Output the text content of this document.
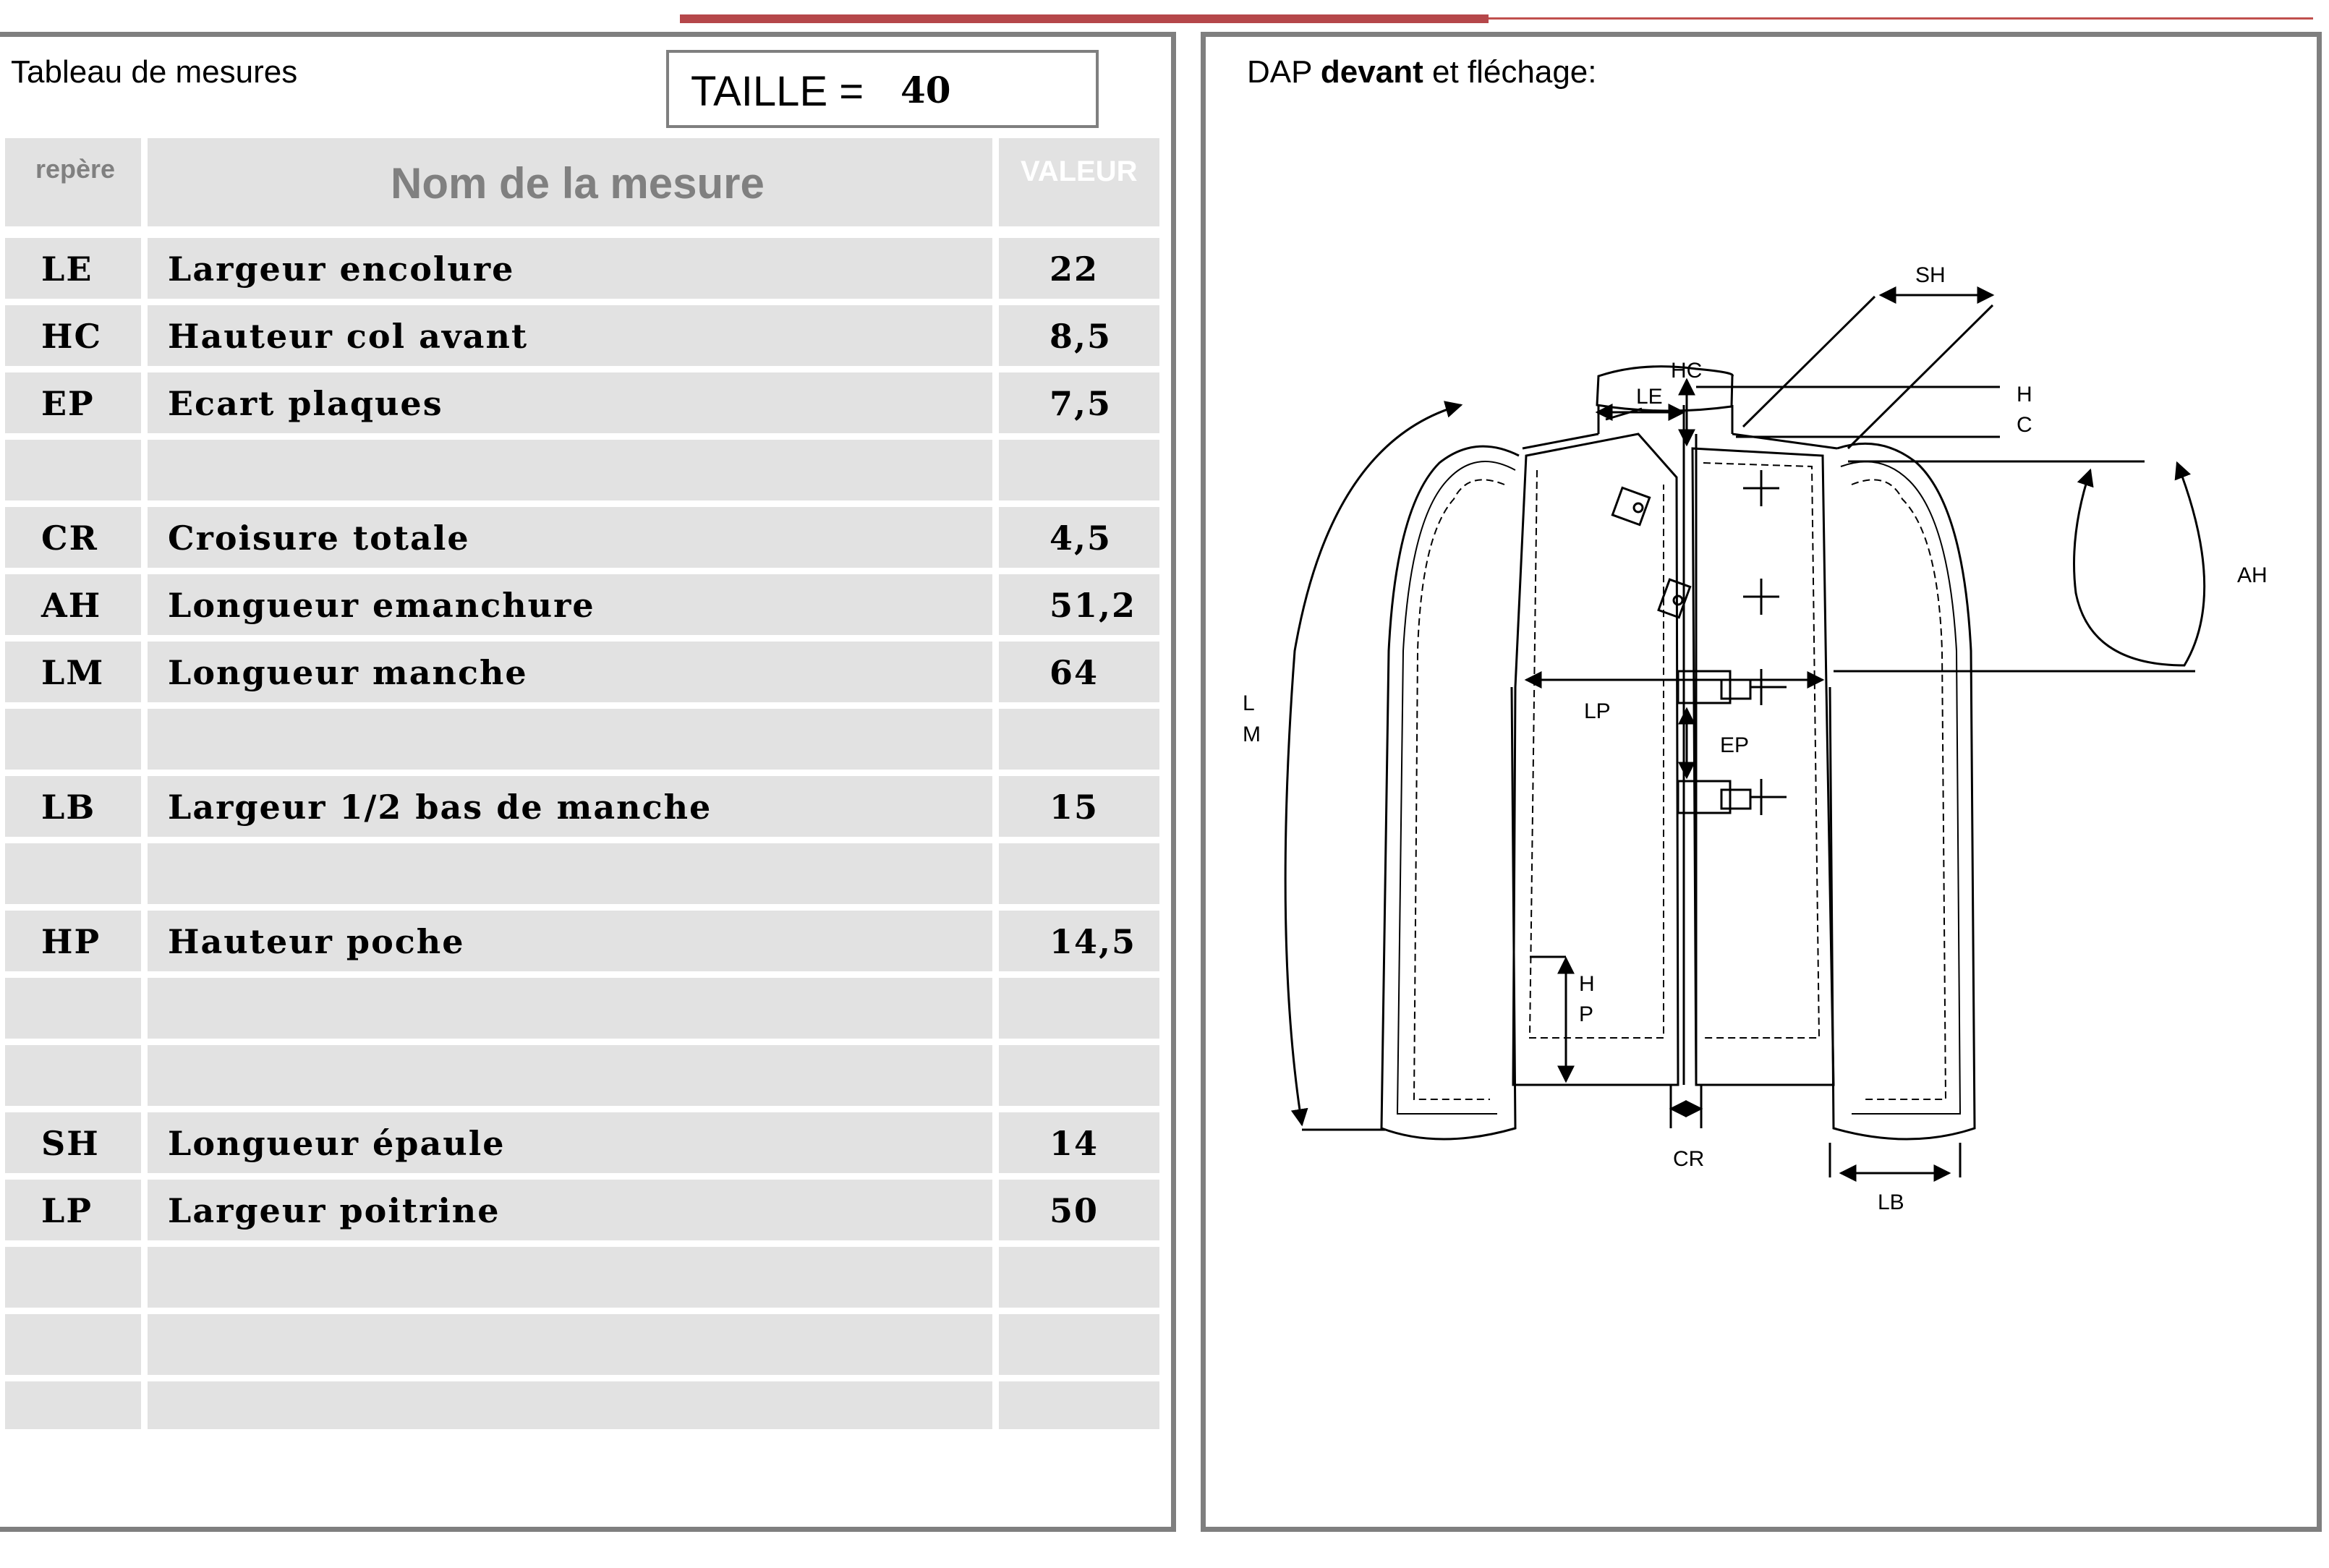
Tableau de mesures	TAILLE = 40
repère	Nom de la mesure	VALEUR
LE Largeur encolure	22
HC Hauteur col avant	8,5
EP Ecart plaques	7,5
CR Croisure totale	4,5
AH Longueur emanchure	51,2
LM Longueur manche	64
LB Largeur 1/2 bas de manche	15
HP Hauteur poche	14,5
SH Longueur épaule	14
LP Largeur poitrine	50
DAP devant et fléchage:
SH
HC
LE	H
C
AH
L
M
LP
EP
H
P
CR
LB
